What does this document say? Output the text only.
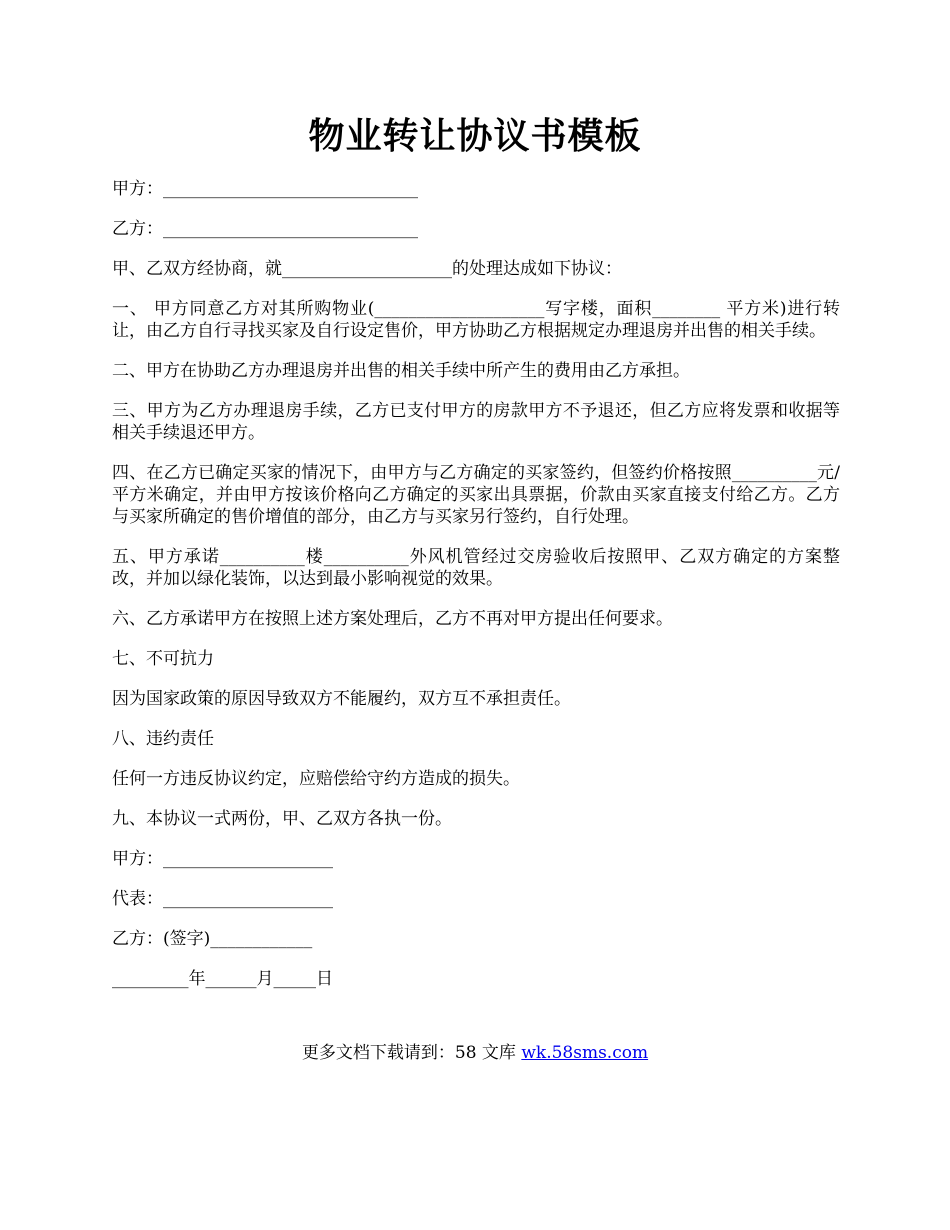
物业转让协议书模板

甲方：______________________________

乙方：______________________________

甲、乙双方经协商，就____________________的处理达成如下协议：

一、 甲方同意乙方对其所购物业(____________________写字楼，面积________ 平方米)进行转让，由乙方自行寻找买家及自行设定售价，甲方协助乙方根据规定办理退房并出售的相关手续。

二、甲方在协助乙方办理退房并出售的相关手续中所产生的费用由乙方承担。

三、甲方为乙方办理退房手续，乙方已支付甲方的房款甲方不予退还，但乙方应将发票和收据等相关手续退还甲方。

四、在乙方已确定买家的情况下，由甲方与乙方确定的买家签约，但签约价格按照__________元/平方米确定，并由甲方按该价格向乙方确定的买家出具票据，价款由买家直接支付给乙方。乙方与买家所确定的售价增值的部分，由乙方与买家另行签约，自行处理。

五、甲方承诺__________楼__________外风机管经过交房验收后按照甲、乙双方确定的方案整改，并加以绿化装饰，以达到最小影响视觉的效果。

六、乙方承诺甲方在按照上述方案处理后，乙方不再对甲方提出任何要求。

七、不可抗力

因为国家政策的原因导致双方不能履约，双方互不承担责任。

八、违约责任

任何一方违反协议约定，应赔偿给守约方造成的损失。

九、本协议一式两份，甲、乙双方各执一份。

甲方：____________________

代表：____________________

乙方：(签字)____________

_________年______月_____日

更多文档下载请到：58 文库 wk.58sms.com
